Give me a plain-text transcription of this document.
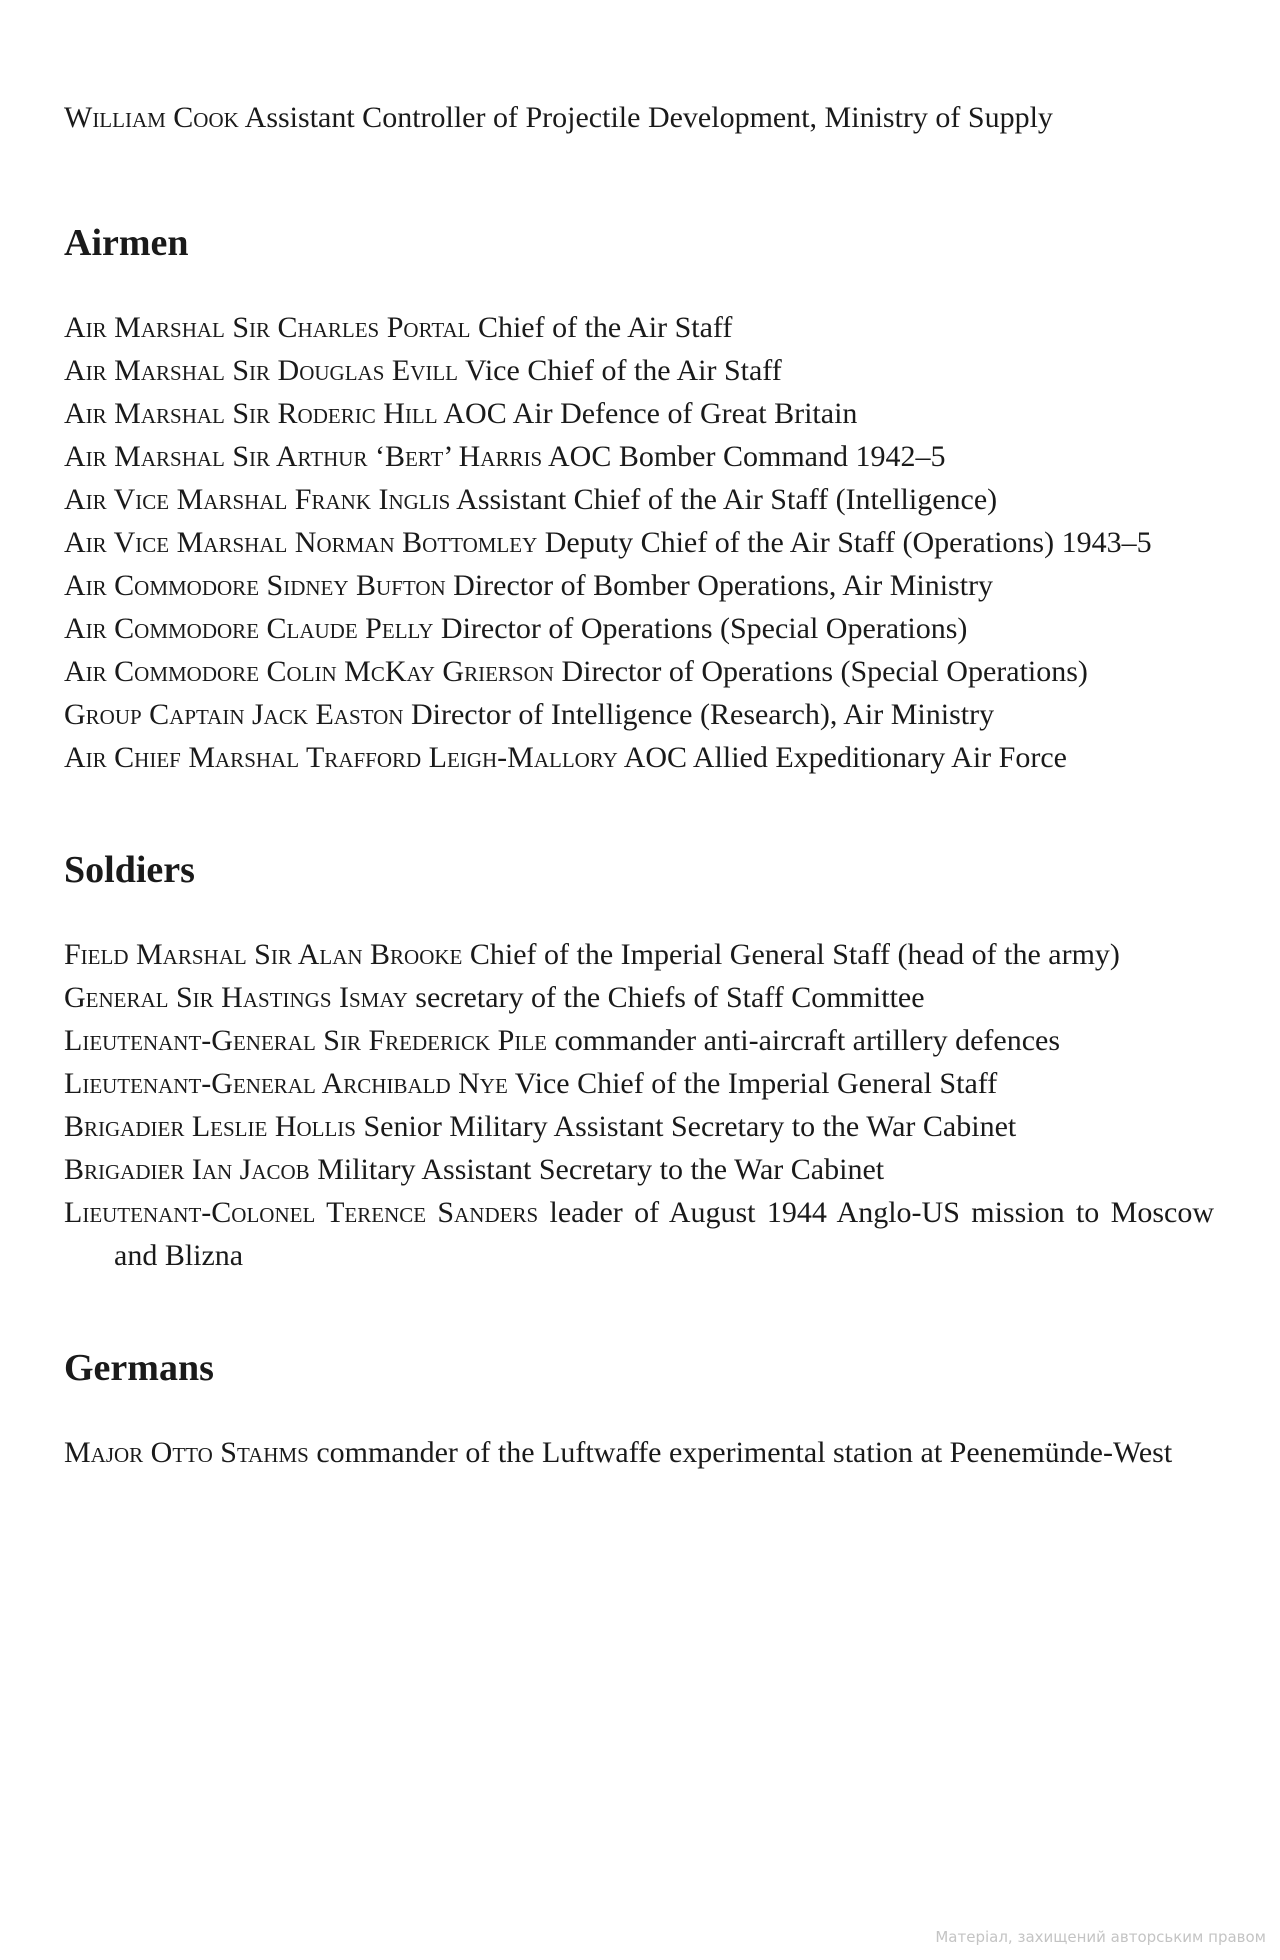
William Cook Assistant Controller of Projectile Development, Ministry of Supply

Airmen

Air Marshal Sir Charles Portal Chief of the Air Staff

Air Marshal Sir Douglas Evill Vice Chief of the Air Staff

Air Marshal Sir Roderic Hill AOC Air Defence of Great Britain

Air Marshal Sir Arthur ‘Bert’ Harris AOC Bomber Command 1942–5

Air Vice Marshal Frank Inglis Assistant Chief of the Air Staff (Intelligence)

Air Vice Marshal Norman Bottomley Deputy Chief of the Air Staff (Operations) 1943–5

Air Commodore Sidney Bufton Director of Bomber Operations, Air Ministry

Air Commodore Claude Pelly Director of Operations (Special Operations)

Air Commodore Colin McKay Grierson Director of Operations (Special Operations)

Group Captain Jack Easton Director of Intelligence (Research), Air Ministry

Air Chief Marshal Trafford Leigh-Mallory AOC Allied Expeditionary Air Force

Soldiers

Field Marshal Sir Alan Brooke Chief of the Imperial General Staff (head of the army)

General Sir Hastings Ismay secretary of the Chiefs of Staff Committee

Lieutenant-General Sir Frederick Pile commander anti-aircraft artillery defences

Lieutenant-General Archibald Nye Vice Chief of the Imperial General Staff

Brigadier Leslie Hollis Senior Military Assistant Secretary to the War Cabinet

Brigadier Ian Jacob Military Assistant Secretary to the War Cabinet

Lieutenant-Colonel Terence Sanders leader of August 1944 Anglo-US mission to Moscow and Blizna

Germans

Major Otto Stahms commander of the Luftwaffe experimental station at Peenemünde-West

Матеріал, захищений авторським правом
